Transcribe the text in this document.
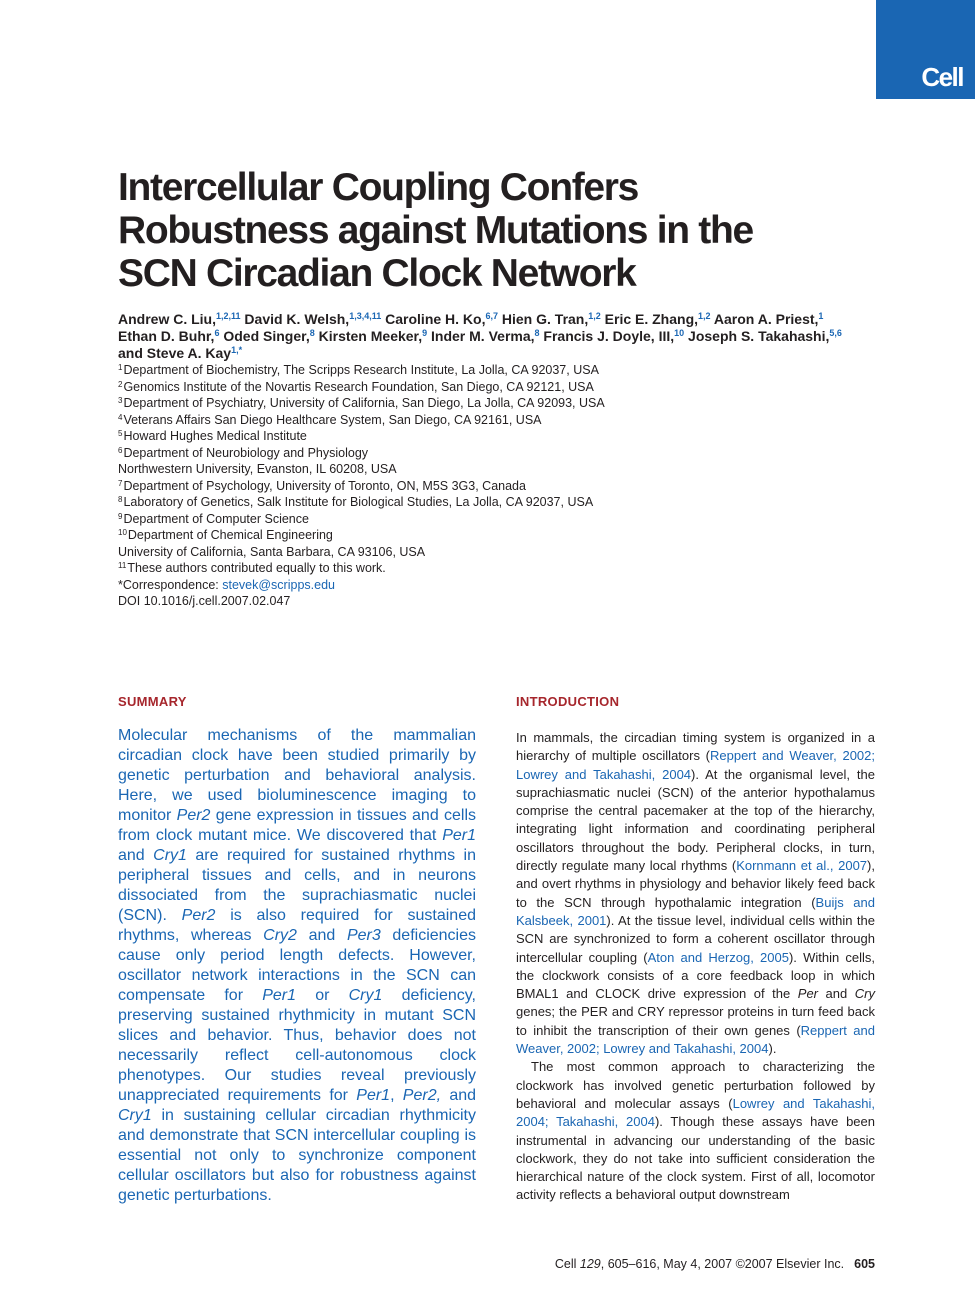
Cell
Intercellular Coupling Confers Robustness against Mutations in the SCN Circadian Clock Network
Andrew C. Liu,$^{1,2,11}$ David K. Welsh,$^{1,3,4,11}$ Caroline H. Ko,$^{6,7}$ Hien G. Tran,$^{1,2}$ Eric E. Zhang,$^{1,2}$ Aaron A. Priest,$^1$
Ethan D. Buhr,$^6$ Oded Singer,$^8$ Kirsten Meeker,$^9$ Inder M. Verma,$^8$ Francis J. Doyle, III,$^{10}$ Joseph S. Takahashi,$^{5,6}$
and Steve A. Kay$^{1,*}$
$^1$Department of Biochemistry, The Scripps Research Institute, La Jolla, CA 92037, USA
$^2$Genomics Institute of the Novartis Research Foundation, San Diego, CA 92121, USA
$^3$Department of Psychiatry, University of California, San Diego, La Jolla, CA 92093, USA
$^4$Veterans Affairs San Diego Healthcare System, San Diego, CA 92161, USA
$^5$Howard Hughes Medical Institute
$^6$Department of Neurobiology and Physiology
Northwestern University, Evanston, IL 60208, USA
$^7$Department of Psychology, University of Toronto, ON, M5S 3G3, Canada
$^8$Laboratory of Genetics, Salk Institute for Biological Studies, La Jolla, CA 92037, USA
$^9$Department of Computer Science
$^{10}$Department of Chemical Engineering
University of California, Santa Barbara, CA 93106, USA
$^{11}$These authors contributed equally to this work.
*Correspondence: stevek@scripps.edu
DOI 10.1016/j.cell.2007.02.047
SUMMARY

Molecular mechanisms of the mammalian circadian clock have been studied primarily by genetic perturbation and behavioral analysis. Here, we used bioluminescence imaging to monitor Per2 gene expression in tissues and cells from clock mutant mice. We discovered that Per1 and Cry1 are required for sustained rhythms in peripheral tissues and cells, and in neurons dissociated from the suprachiasmatic nuclei (SCN). Per2 is also required for sustained rhythms, whereas Cry2 and Per3 deficiencies cause only period length defects. However, oscillator network interactions in the SCN can compensate for Per1 or Cry1 deficiency, preserving sustained rhythmicity in mutant SCN slices and behavior. Thus, behavior does not necessarily reflect cell-autonomous clock phenotypes. Our studies reveal previously unappreciated requirements for Per1, Per2, and Cry1 in sustaining cellular circadian rhythmicity and demonstrate that SCN intercellular coupling is essential not only to synchronize component cellular oscillators but also for robustness against genetic perturbations.

INTRODUCTION

In mammals, the circadian timing system is organized in a hierarchy of multiple oscillators (Reppert and Weaver, 2002; Lowrey and Takahashi, 2004). At the organismal level, the suprachiasmatic nuclei (SCN) of the anterior hypothalamus comprise the central pacemaker at the top of the hierarchy, integrating light information and coordinating peripheral oscillators throughout the body. Peripheral clocks, in turn, directly regulate many local rhythms (Kornmann et al., 2007), and overt rhythms in physiology and behavior likely feed back to the SCN through hypothalamic integration (Buijs and Kalsbeek, 2001). At the tissue level, individual cells within the SCN are synchronized to form a coherent oscillator through intercellular coupling (Aton and Herzog, 2005). Within cells, the clockwork consists of a core feedback loop in which BMAL1 and CLOCK drive expression of the Per and Cry genes; the PER and CRY repressor proteins in turn feed back to inhibit the transcription of their own genes (Reppert and Weaver, 2002; Lowrey and Takahashi, 2004).

The most common approach to characterizing the clockwork has involved genetic perturbation followed by behavioral and molecular assays (Lowrey and Takahashi, 2004; Takahashi, 2004). Though these assays have been instrumental in advancing our understanding of the basic clockwork, they do not take into sufficient consideration the hierarchical nature of the clock system. First of all, locomotor activity reflects a behavioral output downstream

Cell 129, 605–616, May 4, 2007 ©2007 Elsevier Inc. 605
